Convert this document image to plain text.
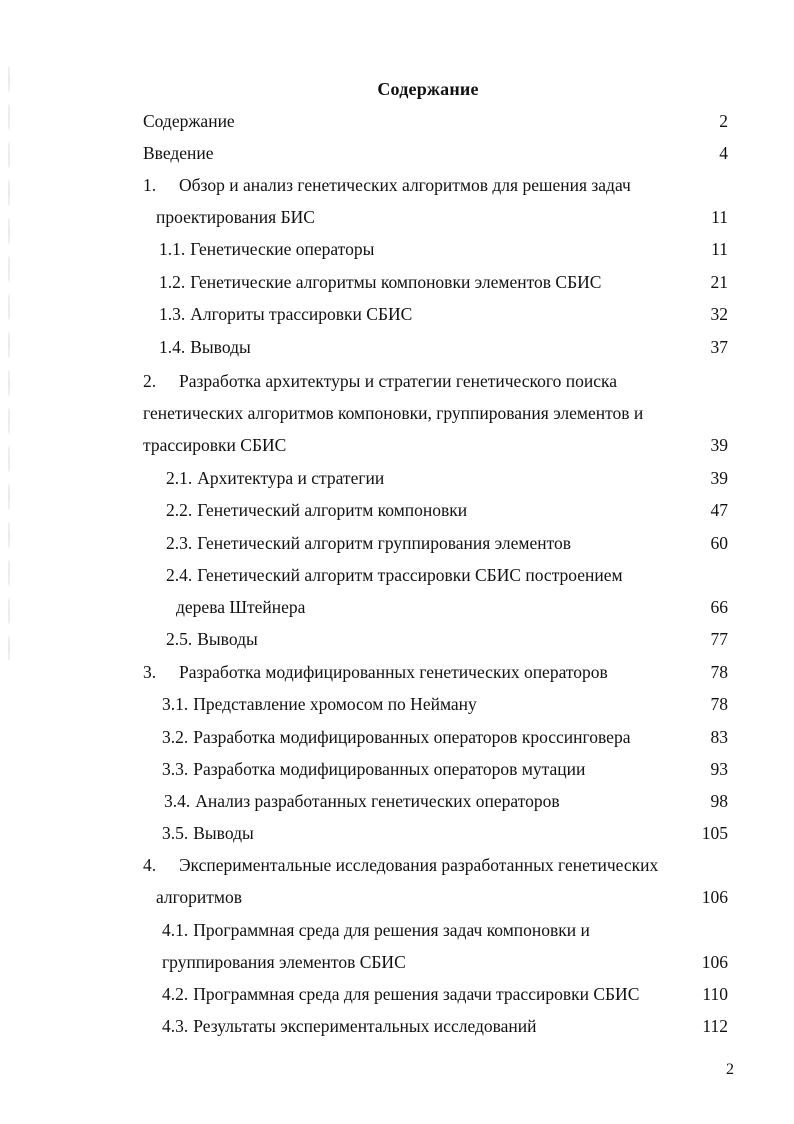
Содержание
Содержание	2
Введение	4
1.	Обзор и анализ генетических алгоритмов для решения задач
проектирования БИС	11
1.1. Генетические операторы	11
1.2. Генетические алгоритмы компоновки элементов СБИС	21
1.3. Алгориты трассировки СБИС	32
1.4. Выводы	37
2.	Разработка архитектуры и стратегии генетического поиска
генетических алгоритмов компоновки, группирования элементов и
трассировки СБИС	39
2.1. Архитектура и стратегии	39
2.2. Генетический алгоритм компоновки	47
2.3. Генетический алгоритм группирования элементов	60
2.4. Генетический алгоритм трассировки СБИС построением
дерева Штейнера	66
2.5. Выводы	77
3.	Разработка модифицированных генетических операторов	78
3.1. Представление хромосом по Нейману	78
3.2. Разработка модифицированных операторов кроссинговера	83
3.3. Разработка модифицированных операторов мутации	93
3.4. Анализ разработанных генетических операторов	98
3.5. Выводы	105
4.	Экспериментальные исследования разработанных генетических
алгоритмов	106
4.1. Программная среда для решения задач компоновки и
группирования элементов СБИС	106
4.2. Программная среда для решения задачи трассировки СБИС	110
4.3. Результаты экспериментальных исследований	112
2
